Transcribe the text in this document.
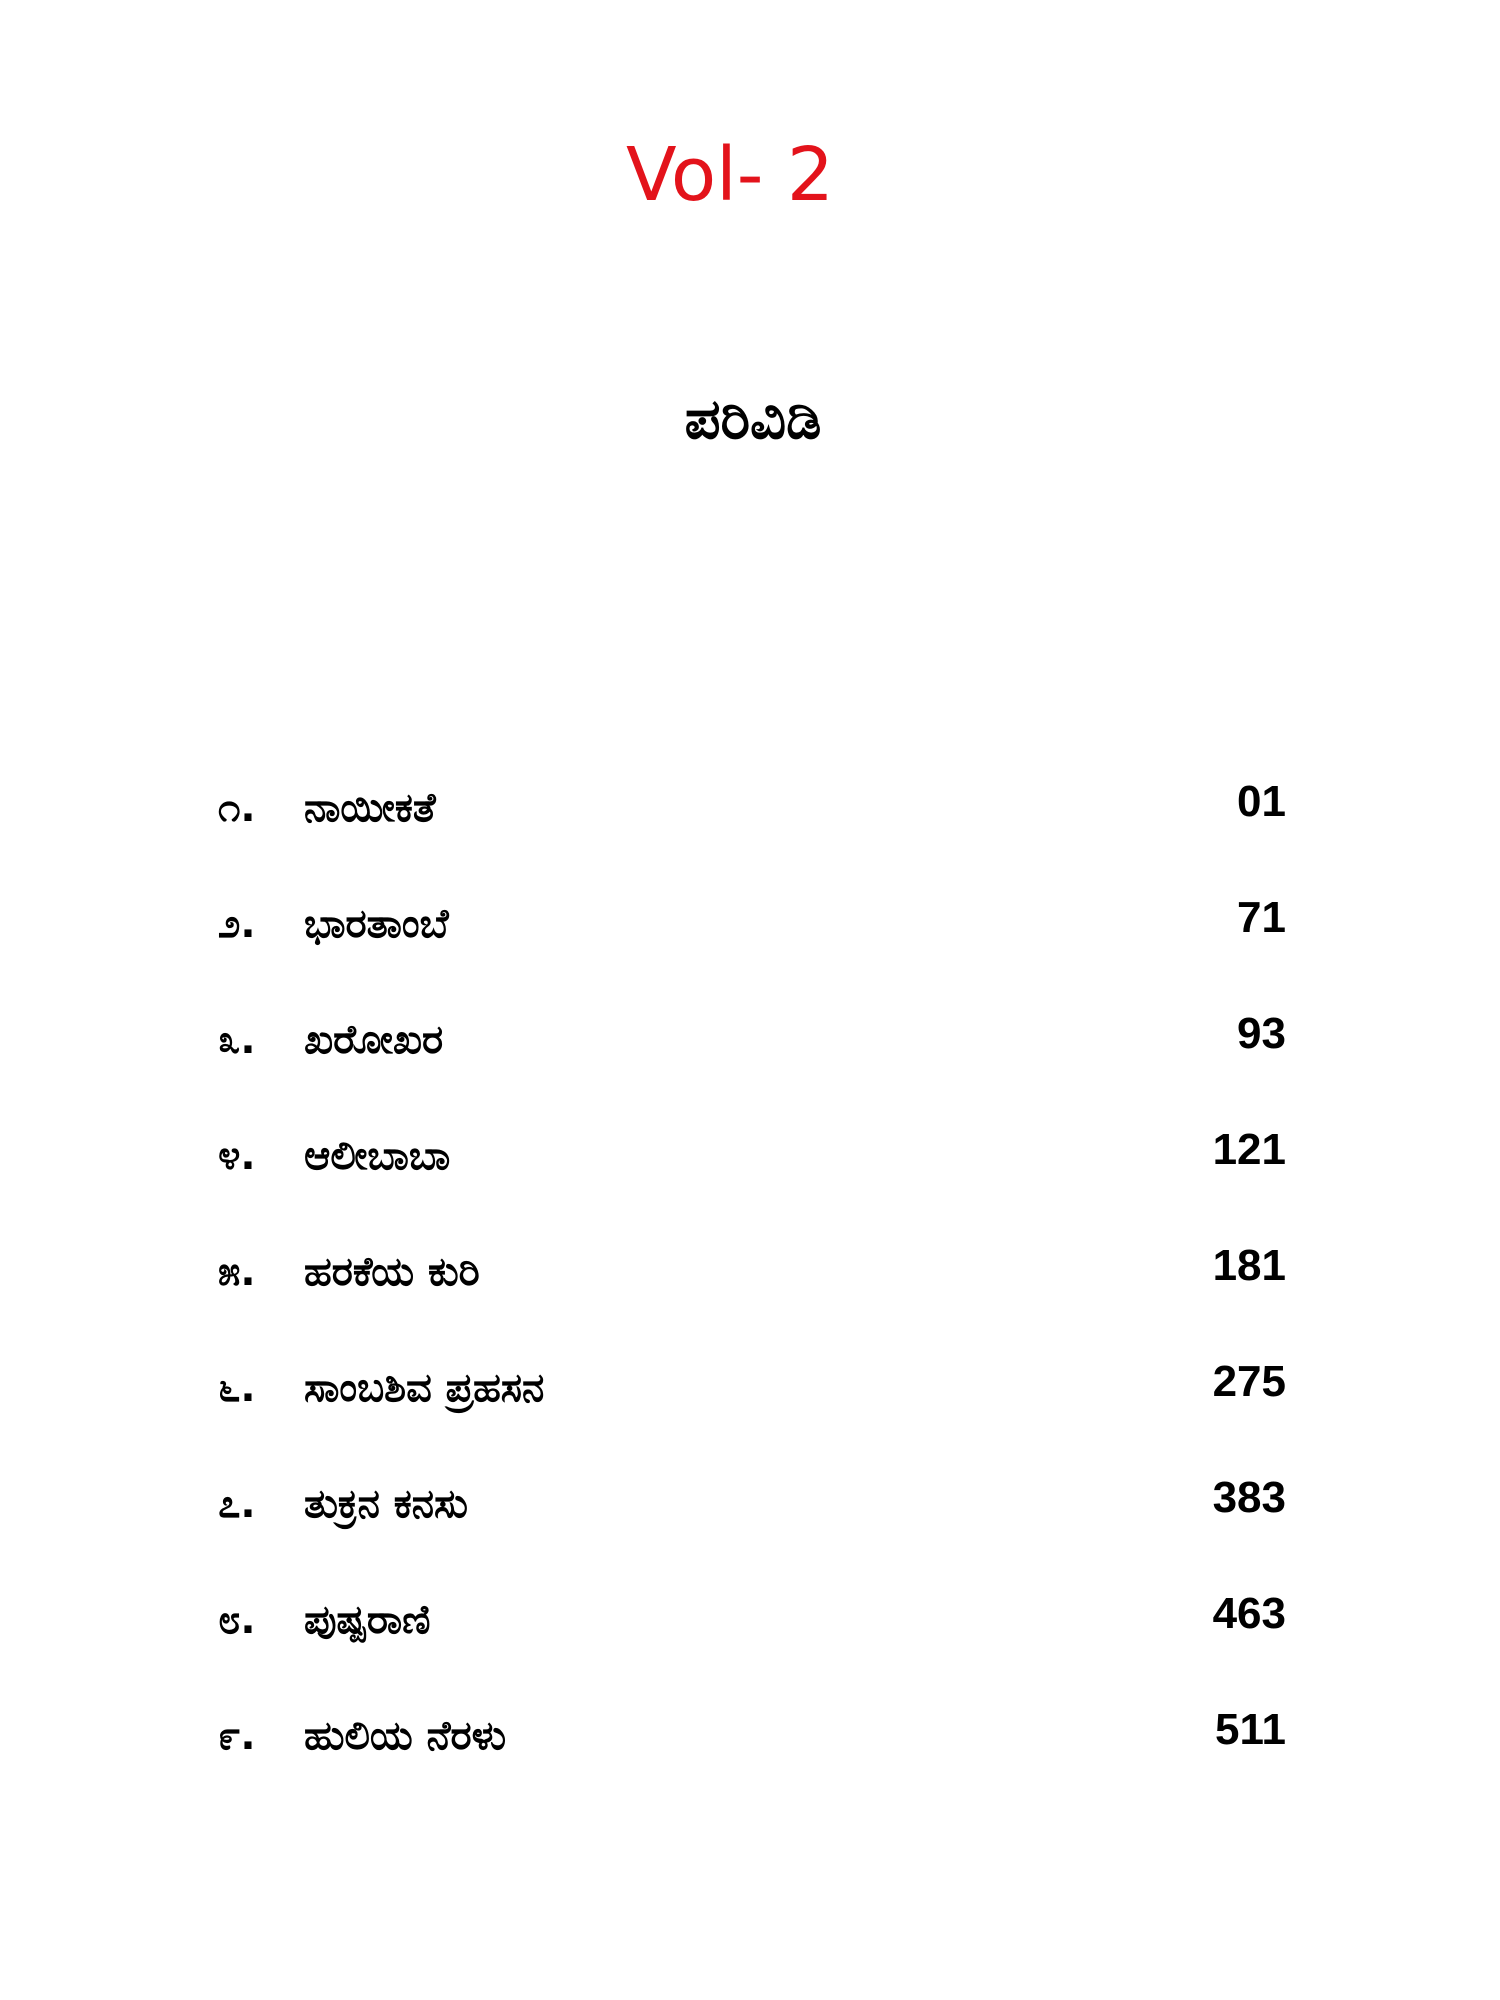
Vol- 2
ಪರಿವಿಡಿ
೧. ನಾಯೀಕತೆ	01
೨. ಭಾರತಾಂಬೆ	71
೩. ಖರೋಖರ	93
೪. ಆಲೀಬಾಬಾ	121
೫. ಹರಕೆಯ ಕುರಿ	181
೬. ಸಾಂಬಶಿವ ಪ್ರಹಸನ	275
೭. ತುಕ್ರನ ಕನಸು	383
೮. ಪುಷ್ಪರಾಣಿ	463
೯. ಹುಲಿಯ ನೆರಳು	511
